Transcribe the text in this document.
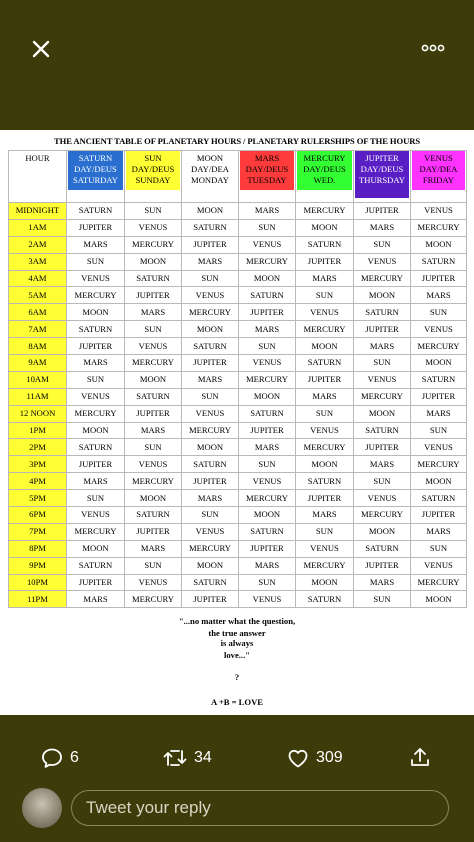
THE ANCIENT TABLE OF PLANETARY HOURS / PLANETARY RULERSHIPS OF THE HOURS
HOUR	SATURN DAY/DEUS SATURDAY	SUN DAY/DEUS SUNDAY	MOON DAY/DEA MONDAY	MARS DAY/DEUS TUESDAY	MERCURY DAY/DEUS WED.	JUPITER DAY/DEUS THURSDAY	VENUS DAY/DEA FRIDAY

MIDNIGHT	SATURN	SUN	MOON	MARS	MERCURY	JUPITER	VENUS
1AM	JUPITER	VENUS	SATURN	SUN	MOON	MARS	MERCURY
2AM	MARS	MERCURY	JUPITER	VENUS	SATURN	SUN	MOON
3AM	SUN	MOON	MARS	MERCURY	JUPITER	VENUS	SATURN
4AM	VENUS	SATURN	SUN	MOON	MARS	MERCURY	JUPITER
5AM	MERCURY	JUPITER	VENUS	SATURN	SUN	MOON	MARS
6AM	MOON	MARS	MERCURY	JUPITER	VENUS	SATURN	SUN
7AM	SATURN	SUN	MOON	MARS	MERCURY	JUPITER	VENUS
8AM	JUPITER	VENUS	SATURN	SUN	MOON	MARS	MERCURY
9AM	MARS	MERCURY	JUPITER	VENUS	SATURN	SUN	MOON
10AM	SUN	MOON	MARS	MERCURY	JUPITER	VENUS	SATURN
11AM	VENUS	SATURN	SUN	MOON	MARS	MERCURY	JUPITER
12 NOON	MERCURY	JUPITER	VENUS	SATURN	SUN	MOON	MARS
1PM	MOON	MARS	MERCURY	JUPITER	VENUS	SATURN	SUN
2PM	SATURN	SUN	MOON	MARS	MERCURY	JUPITER	VENUS
3PM	JUPITER	VENUS	SATURN	SUN	MOON	MARS	MERCURY
4PM	MARS	MERCURY	JUPITER	VENUS	SATURN	SUN	MOON
5PM	SUN	MOON	MARS	MERCURY	JUPITER	VENUS	SATURN
6PM	VENUS	SATURN	SUN	MOON	MARS	MERCURY	JUPITER
7PM	MERCURY	JUPITER	VENUS	SATURN	SUN	MOON	MARS
8PM	MOON	MARS	MERCURY	JUPITER	VENUS	SATURN	SUN
9PM	SATURN	SUN	MOON	MARS	MERCURY	JUPITER	VENUS
10PM	JUPITER	VENUS	SATURN	SUN	MOON	MARS	MERCURY
11PM	MARS	MERCURY	JUPITER	VENUS	SATURN	SUN	MOON
"...no matter what the question,
the true answer
is always
love..."
?
A +B = LOVE
6	34	309
Tweet your reply
